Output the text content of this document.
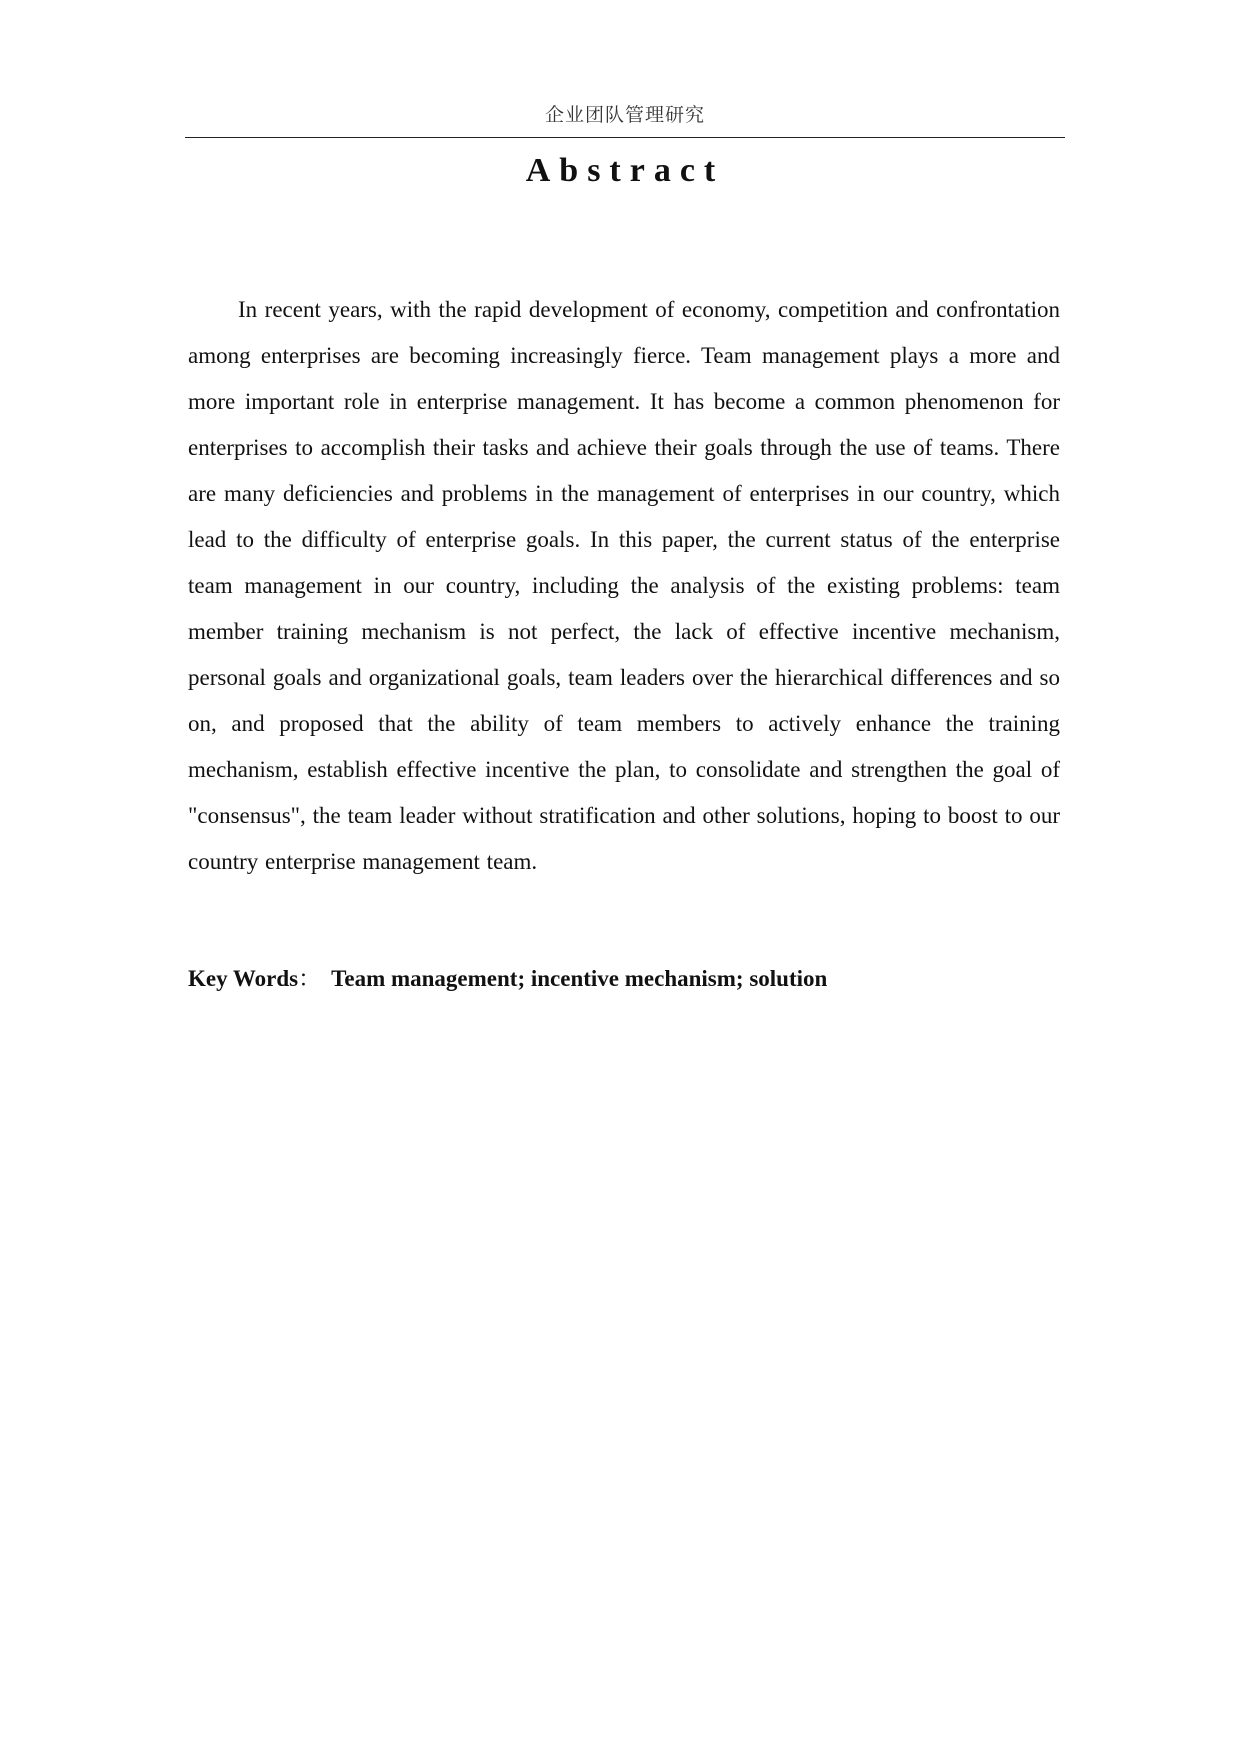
企业团队管理研究
Abstract

In recent years, with the rapid development of economy, competition and confrontation among enterprises are becoming increasingly fierce. Team management plays a more and more important role in enterprise management. It has become a common phenomenon for enterprises to accomplish their tasks and achieve their goals through the use of teams. There are many deficiencies and problems in the management of enterprises in our country, which lead to the difficulty of enterprise goals. In this paper, the current status of the enterprise team management in our country, including the analysis of the existing problems: team member training mechanism is not perfect, the lack of effective incentive mechanism, personal goals and organizational goals, team leaders over the hierarchical differences and so on, and proposed that the ability of team members to actively enhance the training mechanism, establish effective incentive the plan, to consolidate and strengthen the goal of "consensus", the team leader without stratification and other solutions, hoping to boost to our country enterprise management team.

Key Words： Team management; incentive mechanism; solution
